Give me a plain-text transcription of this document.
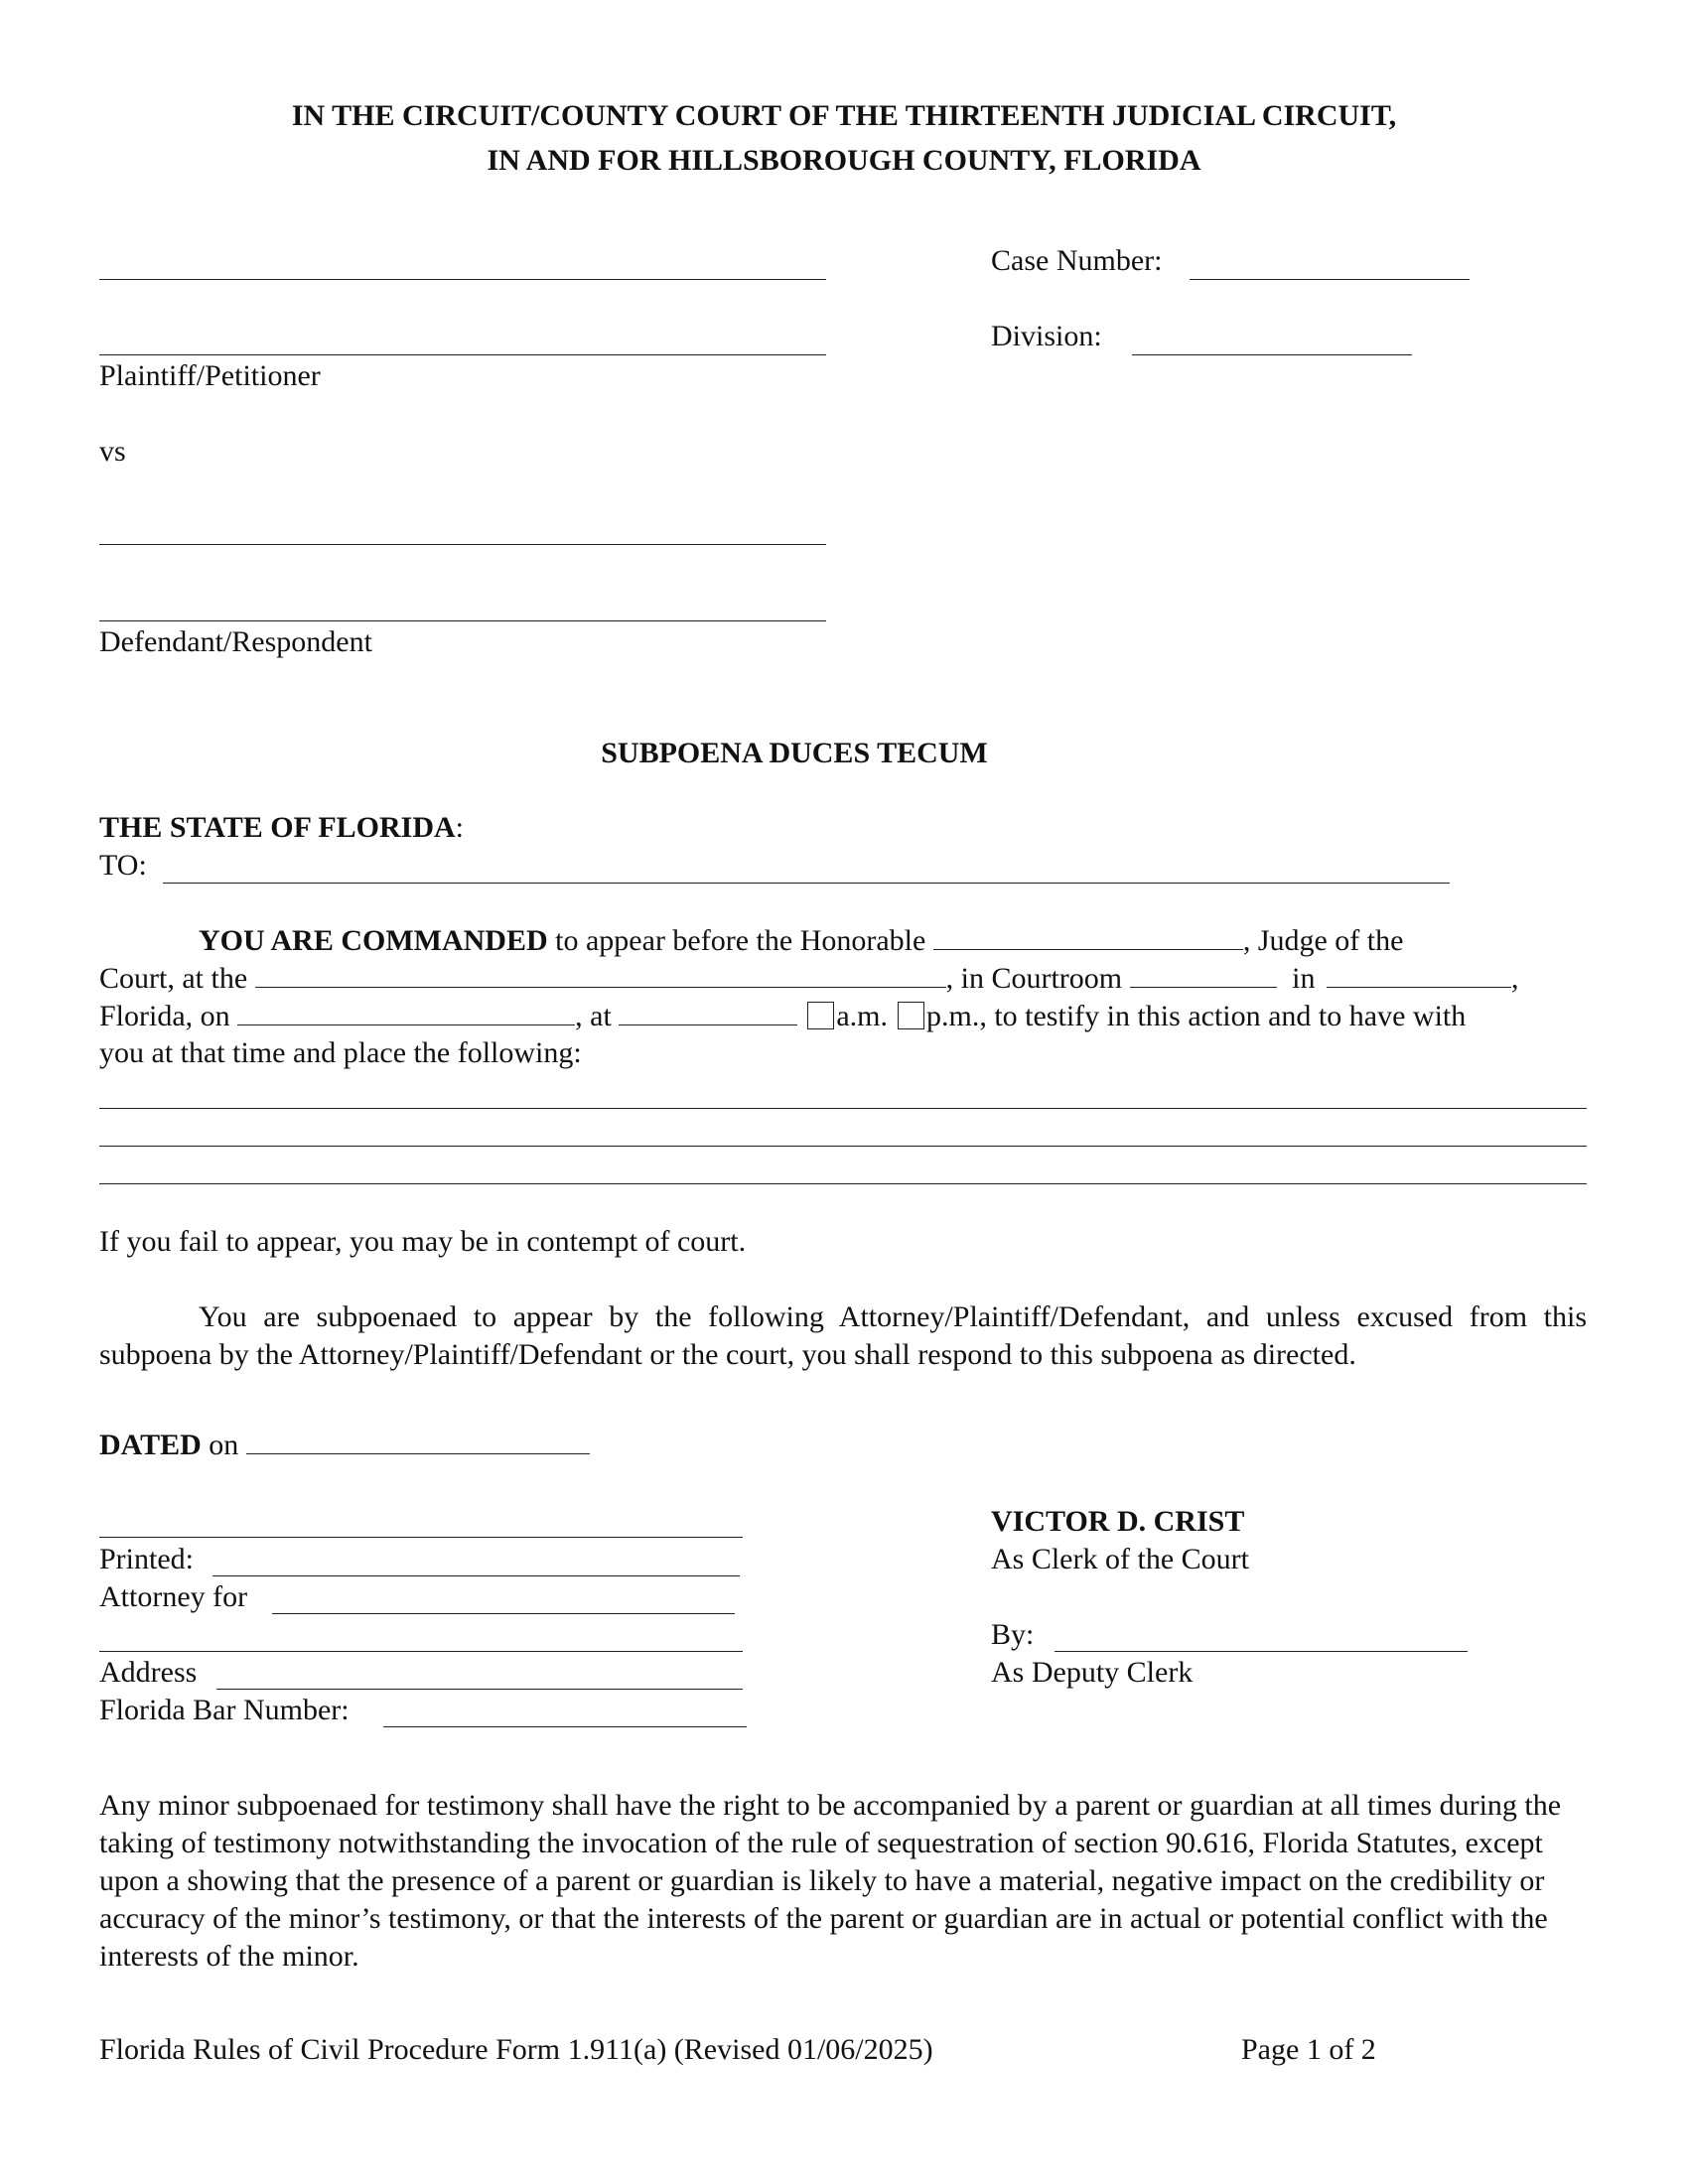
IN THE CIRCUIT/COUNTY COURT OF THE THIRTEENTH JUDICIAL CIRCUIT,
IN AND FOR HILLSBOROUGH COUNTY, FLORIDA
Plaintiff/Petitioner
vs
Defendant/Respondent
Case Number:
Division:
SUBPOENA DUCES TECUM
THE STATE OF FLORIDA:
TO:
YOU ARE COMMANDED to appear before the Honorable	, Judge of the
Court, at the	, in Courtroom	in	,
Florida, on	, at	a.m. p.m., to testify in this action and to have with
you at that time and place the following:
If you fail to appear, you may be in contempt of court.
You are subpoenaed to appear by the following Attorney/Plaintiff/Defendant, and unless excused from this subpoena by the Attorney/Plaintiff/Defendant or the court, you shall respond to this subpoena as directed.
DATED on
Printed:
Attorney for
Address
Florida Bar Number:
VICTOR D. CRIST
As Clerk of the Court
By:
As Deputy Clerk
Any minor subpoenaed for testimony shall have the right to be accompanied by a parent or guardian at all times during the taking of testimony notwithstanding the invocation of the rule of sequestration of section 90.616, Florida Statutes, except upon a showing that the presence of a parent or guardian is likely to have a material, negative impact on the credibility or accuracy of the minor’s testimony, or that the interests of the parent or guardian are in actual or potential conflict with the interests of the minor.
Florida Rules of Civil Procedure Form 1.911(a) (Revised 01/06/2025)	Page 1 of 2
